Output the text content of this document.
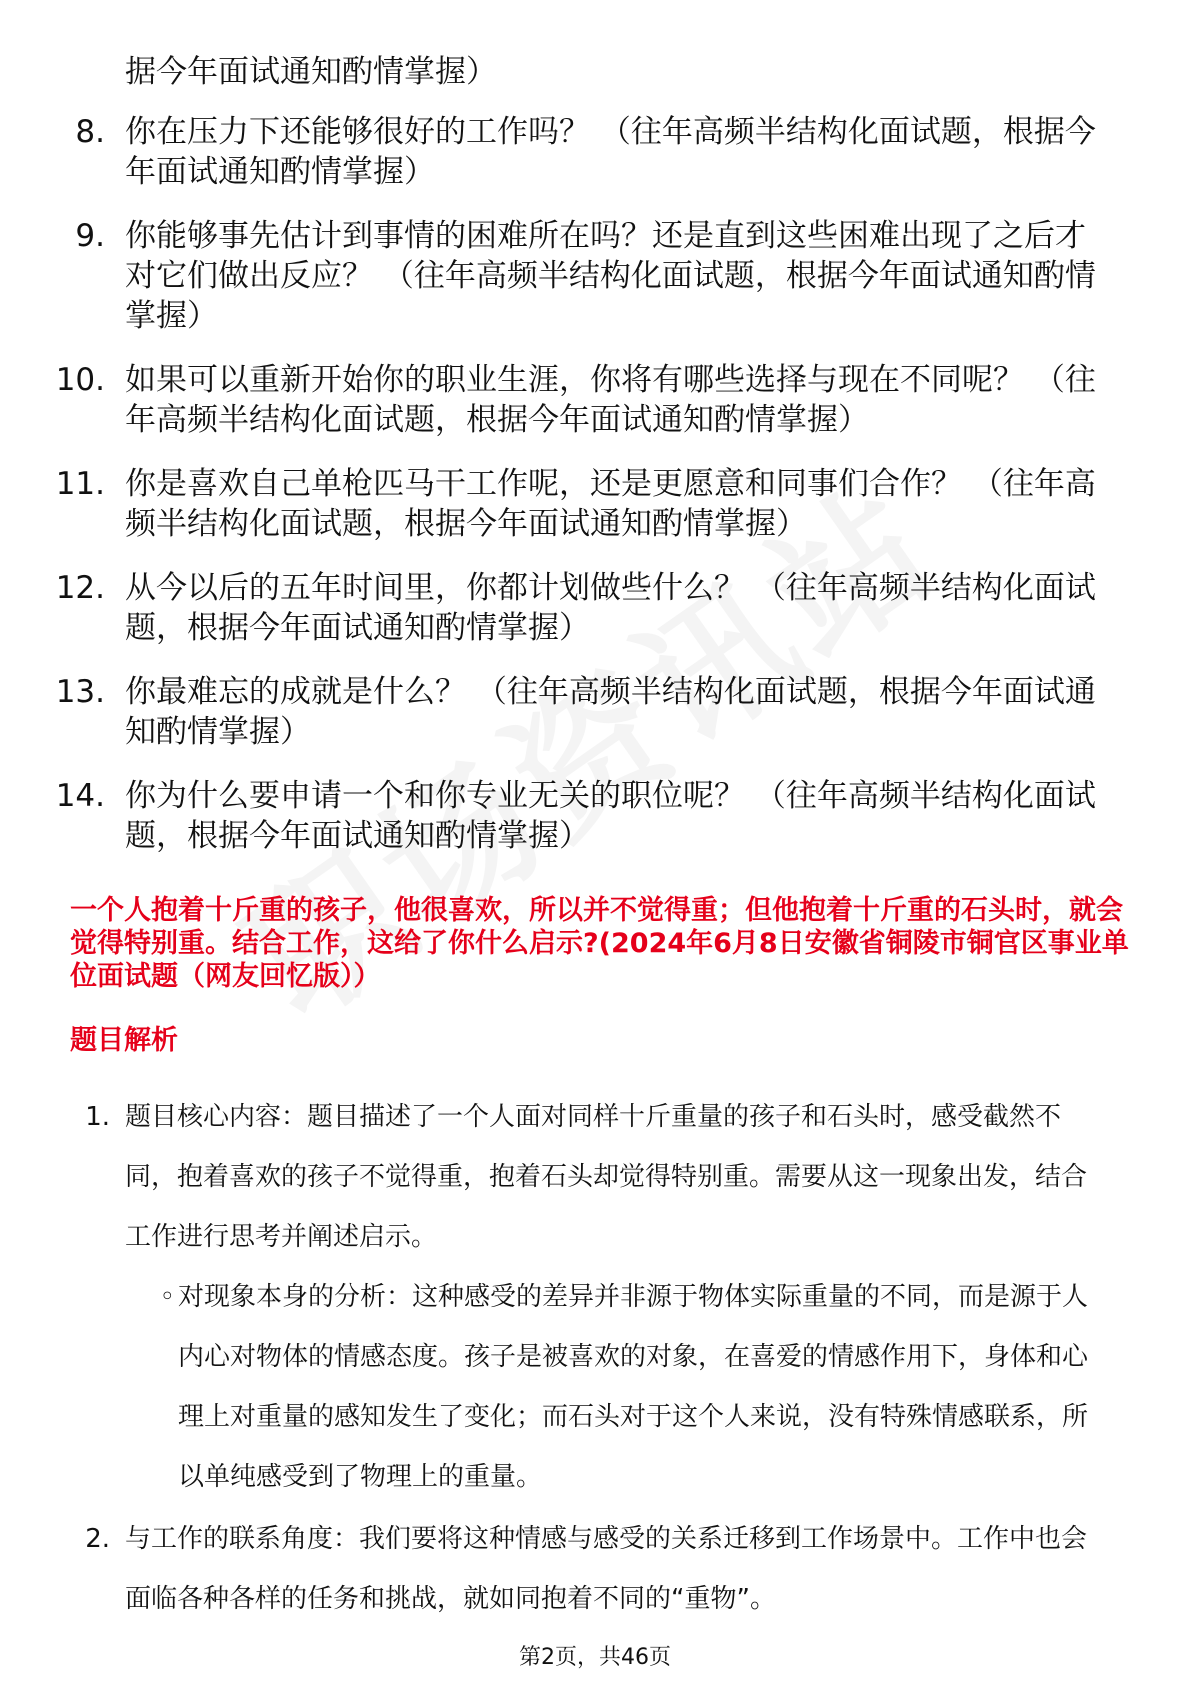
据今年面试通知酌情掌握）
8. 你在压力下还能够很好的工作吗？ （往年高频半结构化面试题，根据今年面试通知酌情掌握）
9. 你能够事先估计到事情的困难所在吗？还是直到这些困难出现了之后才对它们做出反应？ （往年高频半结构化面试题，根据今年面试通知酌情掌握）
10. 如果可以重新开始你的职业生涯，你将有哪些选择与现在不同呢？ （往年高频半结构化面试题，根据今年面试通知酌情掌握）
11. 你是喜欢自己单枪匹马干工作呢，还是更愿意和同事们合作？ （往年高频半结构化面试题，根据今年面试通知酌情掌握）
12. 从今以后的五年时间里，你都计划做些什么？ （往年高频半结构化面试题，根据今年面试通知酌情掌握）
13. 你最难忘的成就是什么？ （往年高频半结构化面试题，根据今年面试通知酌情掌握）
14. 你为什么要申请一个和你专业无关的职位呢？ （往年高频半结构化面试题，根据今年面试通知酌情掌握）
一个人抱着十斤重的孩子，他很喜欢，所以并不觉得重；但他抱着十斤重的石头时，就会觉得特别重。结合工作，这给了你什么启示?(2024年6月8日安徽省铜陵市铜官区事业单位面试题（网友回忆版））
题目解析
1. 题目核心内容：题目描述了一个人面对同样十斤重量的孩子和石头时，感受截然不同，抱着喜欢的孩子不觉得重，抱着石头却觉得特别重。需要从这一现象出发，结合工作进行思考并阐述启示。
◦ 对现象本身的分析：这种感受的差异并非源于物体实际重量的不同，而是源于人内心对物体的情感态度。孩子是被喜欢的对象，在喜爱的情感作用下，身体和心理上对重量的感知发生了变化；而石头对于这个人来说，没有特殊情感联系，所以单纯感受到了物理上的重量。
2. 与工作的联系角度：我们要将这种情感与感受的关系迁移到工作场景中。工作中也会面临各种各样的任务和挑战，就如同抱着不同的“重物”。
第2页，共46页
